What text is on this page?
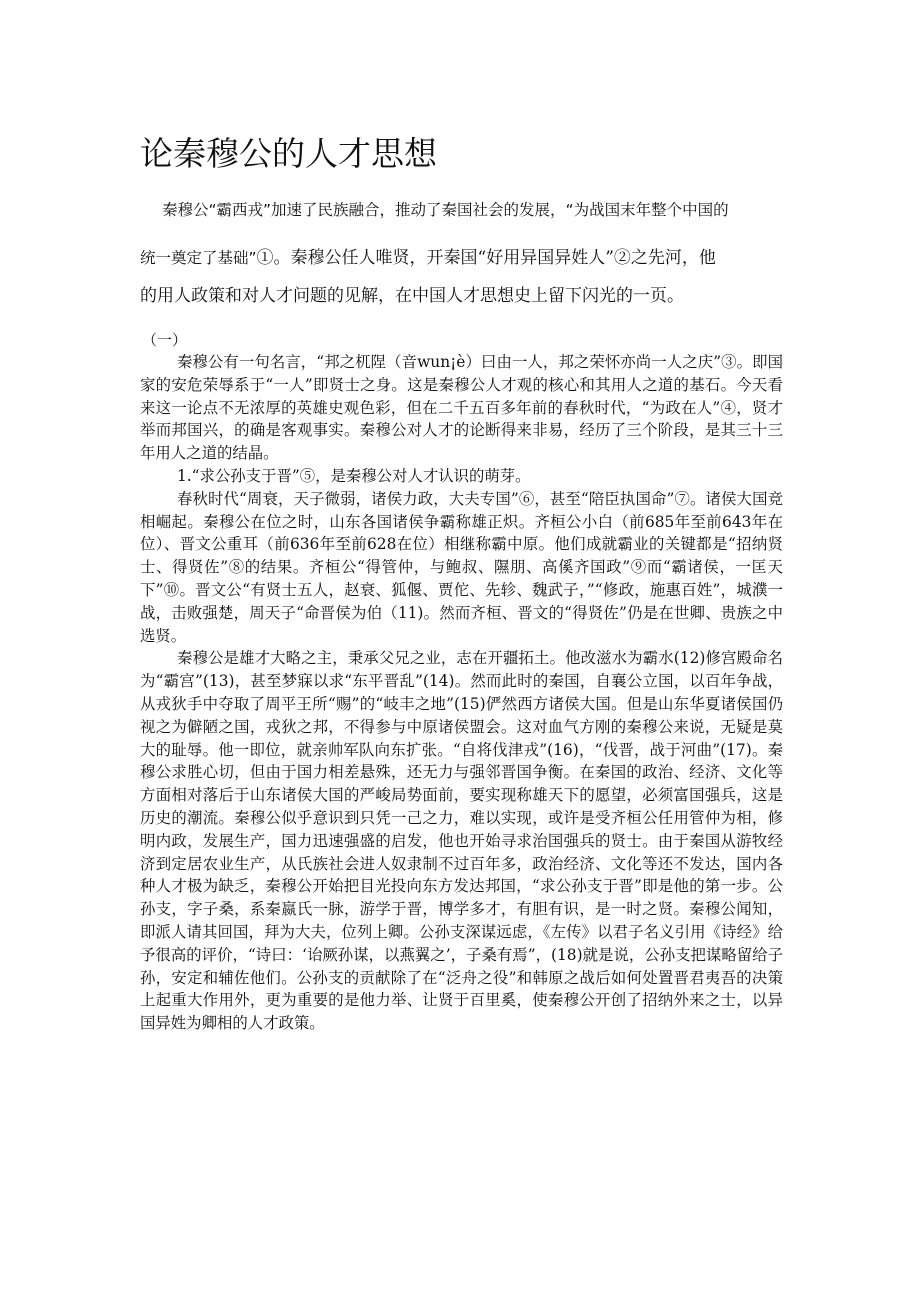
论秦穆公的人才思想
秦穆公“霸西戎”加速了民族融合，推动了秦国社会的发展，“为战国末年整个中国的
统一奠定了基础”①。秦穆公任人唯贤，开秦国“好用异国异姓人”②之先河，他
的用人政策和对人才问题的见解，在中国人才思想史上留下闪光的一页。
（一）

秦穆公有一句名言，“邦之杌陧（音wun¡è）曰由一人，邦之荣怀亦尚一人之庆”③。即国家的安危荣辱系于“一人”即贤士之身。这是秦穆公人才观的核心和其用人之道的基石。今天看来这一论点不无浓厚的英雄史观色彩，但在二千五百多年前的春秋时代，“为政在人”④，贤才举而邦国兴，的确是客观事实。秦穆公对人才的论断得来非易，经历了三个阶段，是其三十三年用人之道的结晶。

1.“求公孙支于晋”⑤，是秦穆公对人才认识的萌芽。

春秋时代“周衰，天子微弱，诸侯力政，大夫专国”⑥，甚至“陪臣执国命”⑦。诸侯大国竞相崛起。秦穆公在位之时，山东各国诸侯争霸称雄正炽。齐桓公小白（前685年至前643年在位）、晋文公重耳（前636年至前628在位）相继称霸中原。他们成就霸业的关键都是“招纳贤士、得贤佐”⑧的结果。齐桓公“得管仲，与鲍叔、隰朋、高傒齐国政”⑨而“霸诸侯，一匡天下”⑩。晋文公“有贤士五人，赵衰、狐偃、贾佗、先轸、魏武子，”“修政，施惠百姓”，城濮一战，击败强楚，周天子“命晋侯为伯（11)。然而齐桓、晋文的“得贤佐”仍是在世卿、贵族之中选贤。

秦穆公是雄才大略之主，秉承父兄之业，志在开疆拓土。他改滋水为霸水(12)修宫殿命名为“霸宫”(13)，甚至梦寐以求“东平晋乱”(14)。然而此时的秦国，自襄公立国，以百年争战，从戎狄手中夺取了周平王所“赐”的“岐丰之地”(15)俨然西方诸侯大国。但是山东华夏诸侯国仍视之为僻陋之国，戎狄之邦，不得参与中原诸侯盟会。这对血气方刚的秦穆公来说，无疑是莫大的耻辱。他一即位，就亲帅军队向东扩张。“自将伐津戎”(16)，“伐晋，战于河曲”(17)。秦穆公求胜心切，但由于国力相差悬殊，还无力与强邻晋国争衡。在秦国的政治、经济、文化等方面相对落后于山东诸侯大国的严峻局势面前，要实现称雄天下的愿望，必须富国强兵，这是历史的潮流。秦穆公似乎意识到只凭一己之力，难以实现，或许是受齐桓公任用管仲为相，修明内政，发展生产，国力迅速强盛的启发，他也开始寻求治国强兵的贤士。由于秦国从游牧经济到定居农业生产，从氏族社会进人奴隶制不过百年多，政治经济、文化等还不发达，国内各种人才极为缺乏，秦穆公开始把目光投向东方发达邦国，“求公孙支于晋”即是他的第一步。公孙支，字子桑，系秦嬴氏一脉，游学于晋，博学多才，有胆有识，是一时之贤。秦穆公闻知，即派人请其回国，拜为大夫，位列上卿。公孙支深谋远虑，《左传》以君子名义引用《诗经》给予很高的评价，“诗曰：‘诒厥孙谋，以燕翼之’，子桑有焉”，(18)就是说，公孙支把谋略留给子孙，安定和辅佐他们。公孙支的贡献除了在“泛舟之役”和韩原之战后如何处置晋君夷吾的决策上起重大作用外，更为重要的是他力举、让贤于百里奚，使秦穆公开创了招纳外来之士，以异国异姓为卿相的人才政策。
